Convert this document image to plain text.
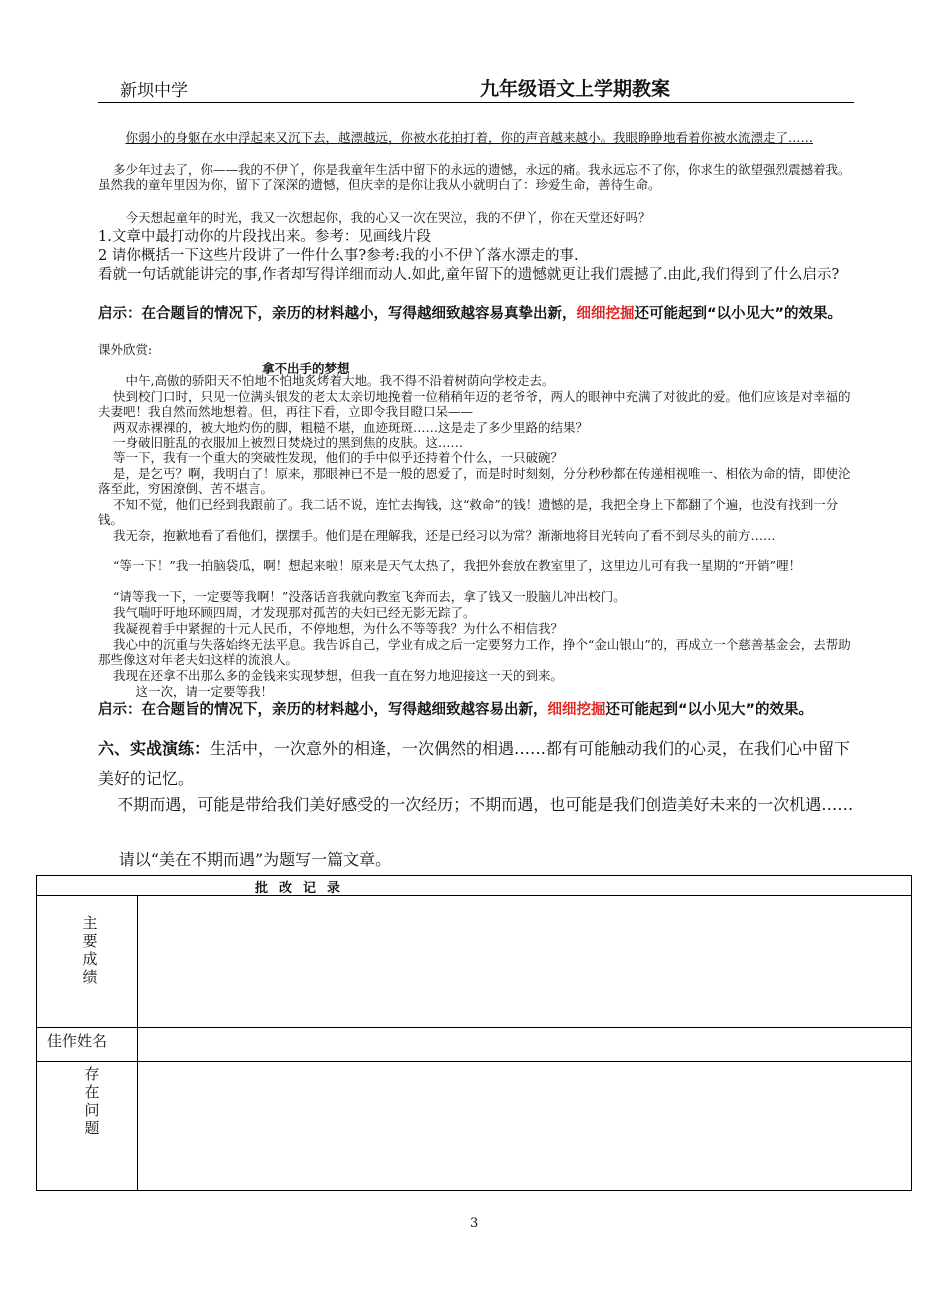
新坝中学	九年级语文上学期教案

你弱小的身躯在水中浮起来又沉下去，越漂越远，你被水花拍打着，你的声音越来越小。我眼睁睁地看着你被水流漂走了……

多少年过去了，你——我的不伊丫，你是我童年生活中留下的永远的遗憾，永远的痛。我永远忘不了你，你求生的欲望强烈震撼着我。虽然我的童年里因为你，留下了深深的遗憾，但庆幸的是你让我从小就明白了：珍爱生命，善待生命。

今天想起童年的时光，我又一次想起你，我的心又一次在哭泣，我的不伊丫，你在天堂还好吗？

1.文章中最打动你的片段找出来。参考：见画线片段

2 请你概括一下这些片段讲了一件什么事?参考:我的小不伊丫落水漂走的事.

看就一句话就能讲完的事,作者却写得详细而动人.如此,童年留下的遗憾就更让我们震撼了.由此,我们得到了什么启示?

启示：在合题旨的情况下，亲历的材料越小，写得越细致越容易真挚出新，细细挖掘还可能起到“以小见大”的效果。

课外欣赏:

拿不出手的梦想

中午,高傲的骄阳天不怕地不怕地炙烤着大地。我不得不沿着树荫向学校走去。

快到校门口时，只见一位满头银发的老太太亲切地挽着一位稍稍年迈的老爷爷，两人的眼神中充满了对彼此的爱。他们应该是对幸福的夫妻吧！我自然而然地想着。但，再往下看，立即令我目瞪口呆——

两双赤裸裸的，被大地灼伤的脚，粗糙不堪，血迹斑斑……这是走了多少里路的结果？

一身破旧脏乱的衣服加上被烈日焚烧过的黑到焦的皮肤。这……

等一下，我有一个重大的突破性发现，他们的手中似乎还持着个什么，一只破碗？

是，是乞丐？啊，我明白了！原来，那眼神已不是一般的恩爱了，而是时时刻刻，分分秒秒都在传递相视唯一、相依为命的情，即使沦落至此，穷困潦倒、苦不堪言。

不知不觉，他们已经到我跟前了。我二话不说，连忙去掏钱，这“救命”的钱！遗憾的是，我把全身上下都翻了个遍，也没有找到一分钱。

我无奈，抱歉地看了看他们，摆摆手。他们是在理解我，还是已经习以为常？渐渐地将目光转向了看不到尽头的前方……

“等一下！”我一拍脑袋瓜，啊！想起来啦！原来是天气太热了，我把外套放在教室里了，这里边儿可有我一星期的“开销”哩！

“请等我一下，一定要等我啊！”没落话音我就向教室飞奔而去，拿了钱又一股脑儿冲出校门。

我气喘吁吁地环顾四周，才发现那对孤苦的夫妇已经无影无踪了。

我凝视着手中紧握的十元人民币，不停地想，为什么不等等我？为什么不相信我？

我心中的沉重与失落始终无法平息。我告诉自己，学业有成之后一定要努力工作，挣个“金山银山”的，再成立一个慈善基金会，去帮助那些像这对年老夫妇这样的流浪人。

我现在还拿不出那么多的金钱来实现梦想，但我一直在努力地迎接这一天的到来。

这一次，请一定要等我！

启示：在合题旨的情况下，亲历的材料越小，写得越细致越容易出新，细细挖掘还可能起到“以小见大”的效果。

六、实战演练：生活中，一次意外的相逢，一次偶然的相遇……都有可能触动我们的心灵，在我们心中留下美好的记忆。

不期而遇，可能是带给我们美好感受的一次经历；不期而遇，也可能是我们创造美好未来的一次机遇……

请以“美在不期而遇”为题写一篇文章。

批改记录
主要成绩
佳作姓名
存在问题
3
